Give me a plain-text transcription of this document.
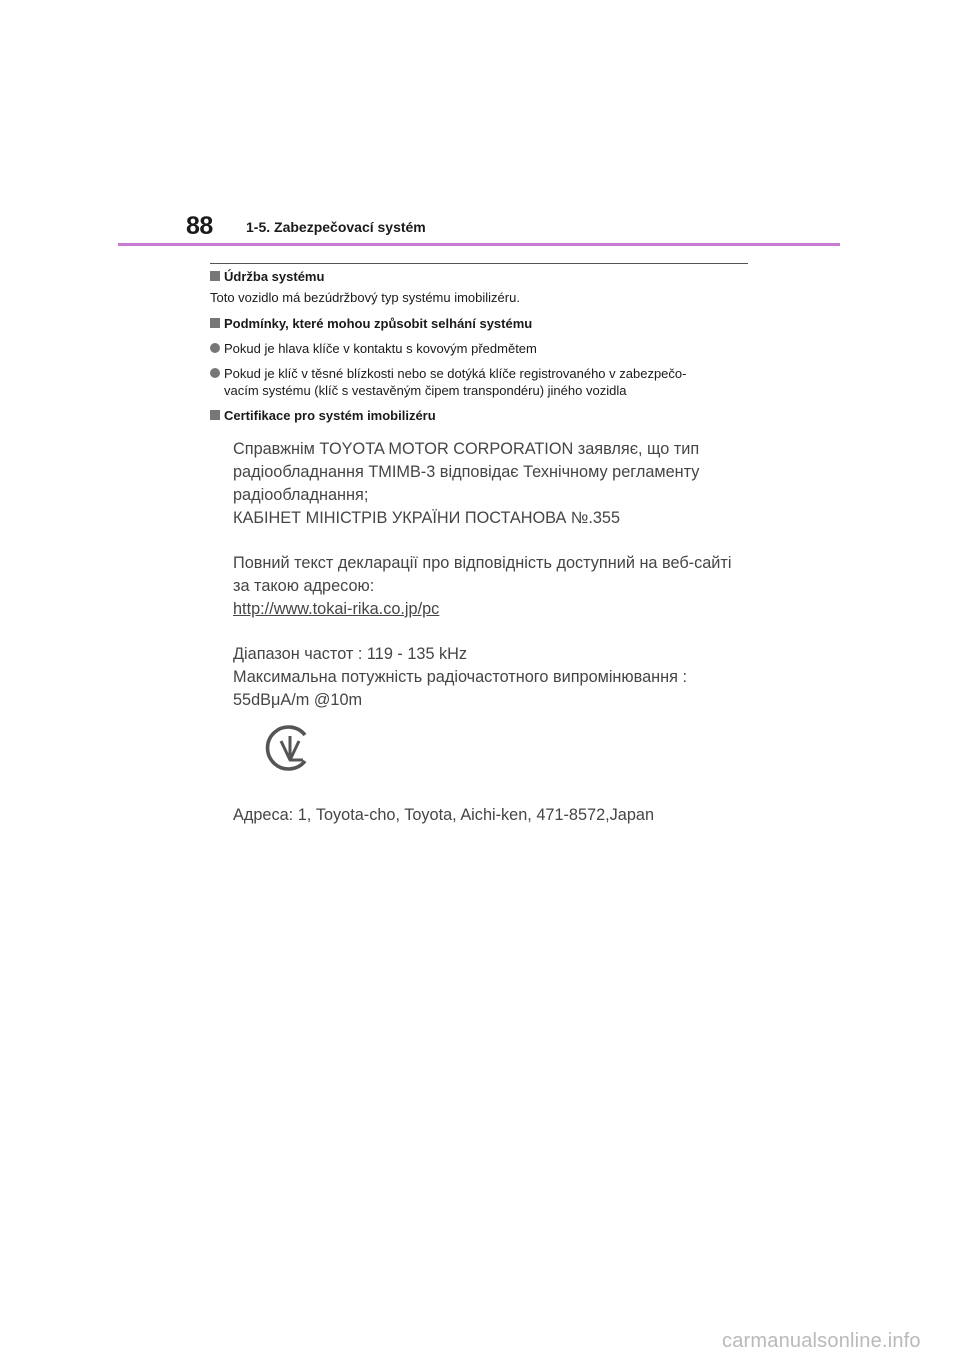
88 1-5. Zabezpečovací systém

Údržba systému

Toto vozidlo má bezúdržbový typ systému imobilizéru.

Podmínky, které mohou způsobit selhání systému

Pokud je hlava klíče v kontaktu s kovovým předmětem

Pokud je klíč v těsné blízkosti nebo se dotýká klíče registrovaného v zabezpečo-
vacím systému (klíč s vestavěným čipem transpondéru) jiného vozidla

Certifikace pro systém imobilizéru

Справжнім TOYOTA MOTOR CORPORATION заявляє, що тип

радіообладнання TMIMB-3 відповідає Технічному регламенту

радіообладнання;

КАБІНЕТ МІНІСТРІВ УКРАЇНИ ПОСТАНОВА №.355

Повний текст декларації про відповідність доступний на веб-сайті

за такою адресою:

http://www.tokai-rika.co.jp/pc

Діапазон частот : 119 - 135 kHz

Максимальна потужність радіочастотного випромінювання :

55dBμA/m @10m

Адреса: 1, Toyota-cho, Toyota, Aichi-ken, 471-8572,Japan
carmanualsonline.info
